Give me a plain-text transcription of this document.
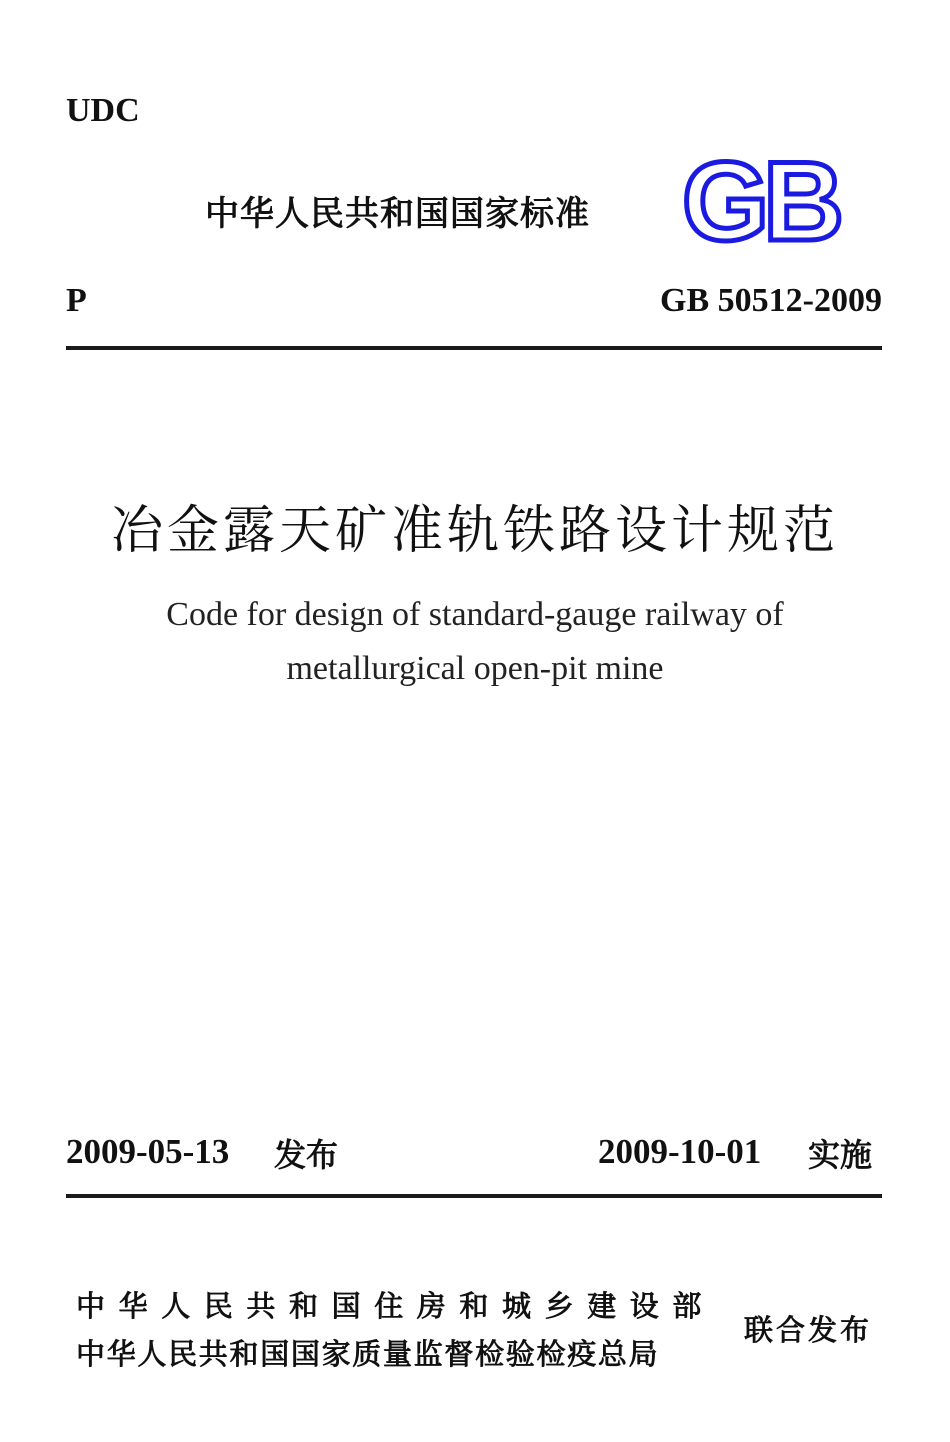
UDC
中华人民共和国国家标准 GB
P	GB 50512-2009
冶金露天矿准轨铁路设计规范
Code for design of standard-gauge railway of
metallurgical open-pit mine
2009-05-13 发布	2009-10-01 实施
中华人民共和国住房和城乡建设部
中华人民共和国国家质量监督检验检疫总局
联合发布
